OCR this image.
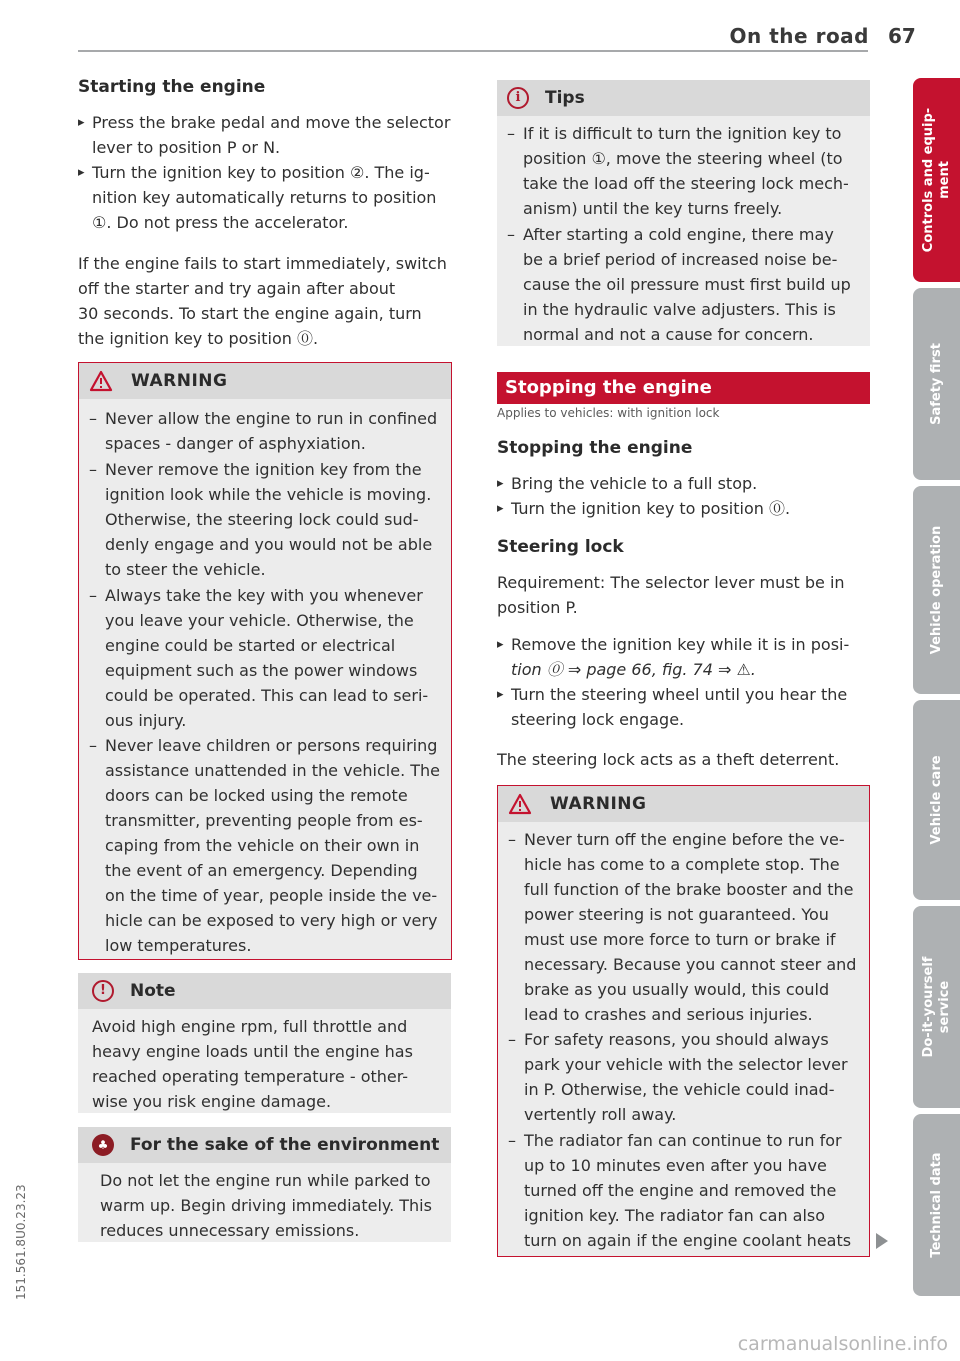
On the road 67
Starting the engine
▸ Press the brake pedal and move the selector
lever to position P or N.
▸ Turn the ignition key to position ②. The ig-
nition key automatically returns to position
①. Do not press the accelerator.
If the engine fails to start immediately, switch
off the starter and try again after about
30 seconds. To start the engine again, turn
the ignition key to position ⓪.
WARNING
– Never allow the engine to run in confined
spaces - danger of asphyxiation.
– Never remove the ignition key from the
ignition look while the vehicle is moving.
Otherwise, the steering lock could sud-
denly engage and you would not be able
to steer the vehicle.
– Always take the key with you whenever
you leave your vehicle. Otherwise, the
engine could be started or electrical
equipment such as the power windows
could be operated. This can lead to seri-
ous injury.
– Never leave children or persons requiring
assistance unattended in the vehicle. The
doors can be locked using the remote
transmitter, preventing people from es-
caping from the vehicle on their own in
the event of an emergency. Depending
on the time of year, people inside the ve-
hicle can be exposed to very high or very
low temperatures.
!	Note
Avoid high engine rpm, full throttle and
heavy engine loads until the engine has
reached operating temperature - other-
wise you risk engine damage.
♣	For the sake of the environment
Do not let the engine run while parked to
warm up. Begin driving immediately. This
reduces unnecessary emissions.
i	Tips
– If it is difficult to turn the ignition key to
position ①, move the steering wheel (to
take the load off the steering lock mech-
anism) until the key turns freely.
– After starting a cold engine, there may
be a brief period of increased noise be-
cause the oil pressure must first build up
in the hydraulic valve adjusters. This is
normal and not a cause for concern.
Stopping the engine
Applies to vehicles: with ignition lock
Stopping the engine
▸ Bring the vehicle to a full stop.
▸ Turn the ignition key to position ⓪.
Steering lock
Requirement: The selector lever must be in
position P.
▸ Remove the ignition key while it is in posi-
tion ⓪ ⇒ page 66, fig. 74 ⇒ ⚠.
▸ Turn the steering wheel until you hear the
steering lock engage.
The steering lock acts as a theft deterrent.
WARNING
– Never turn off the engine before the ve-
hicle has come to a complete stop. The
full function of the brake booster and the
power steering is not guaranteed. You
must use more force to turn or brake if
necessary. Because you cannot steer and
brake as you usually would, this could
lead to crashes and serious injuries.
– For safety reasons, you should always
park your vehicle with the selector lever
in P. Otherwise, the vehicle could inad-
vertently roll away.
– The radiator fan can continue to run for
up to 10 minutes even after you have
turned off the engine and removed the
ignition key. The radiator fan can also
turn on again if the engine coolant heats
Controls and equip- ment
Safety first
Vehicle operation
Vehicle care
Do-it-yourself service
Technical data
151.561.8U0.23.23
carmanualsonline.info
